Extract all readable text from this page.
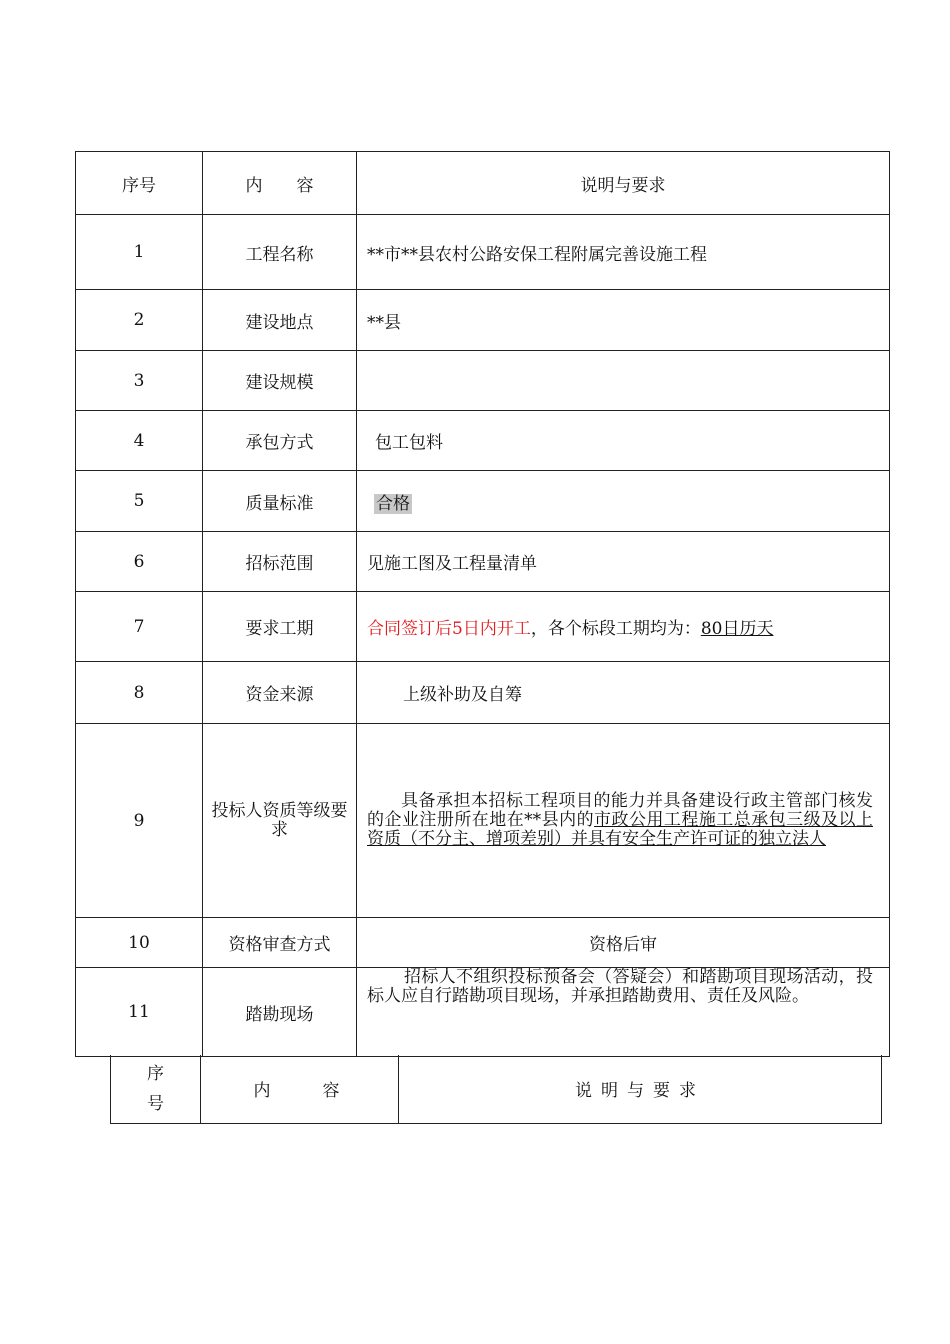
序号	内　　容	说明与要求
1	工程名称	**市**县农村公路安保工程附属完善设施工程
2	建设地点	**县
3	建设规模	
4	承包方式	包工包料
5	质量标准	合格
6	招标范围	见施工图及工程量清单
7	要求工期	合同签订后5日内开工，各个标段工期均为：80日历天
8	资金来源	上级补助及自筹
9	投标人资质等级要求	具备承担本招标工程项目的能力并具备建设行政主管部门核发的企业注册所在地在**县内的市政公用工程施工总承包三级及以上资质（不分主、增项差别）并具有安全生产许可证的独立法人

10	资格审查方式	资格后审
11	踏勘现场	招标人不组织投标预备会（答疑会）和踏勘项目现场活动，投标人应自行踏勘项目现场，并承担踏勘费用、责任及风险。
序号	内　　容	说明与要求
